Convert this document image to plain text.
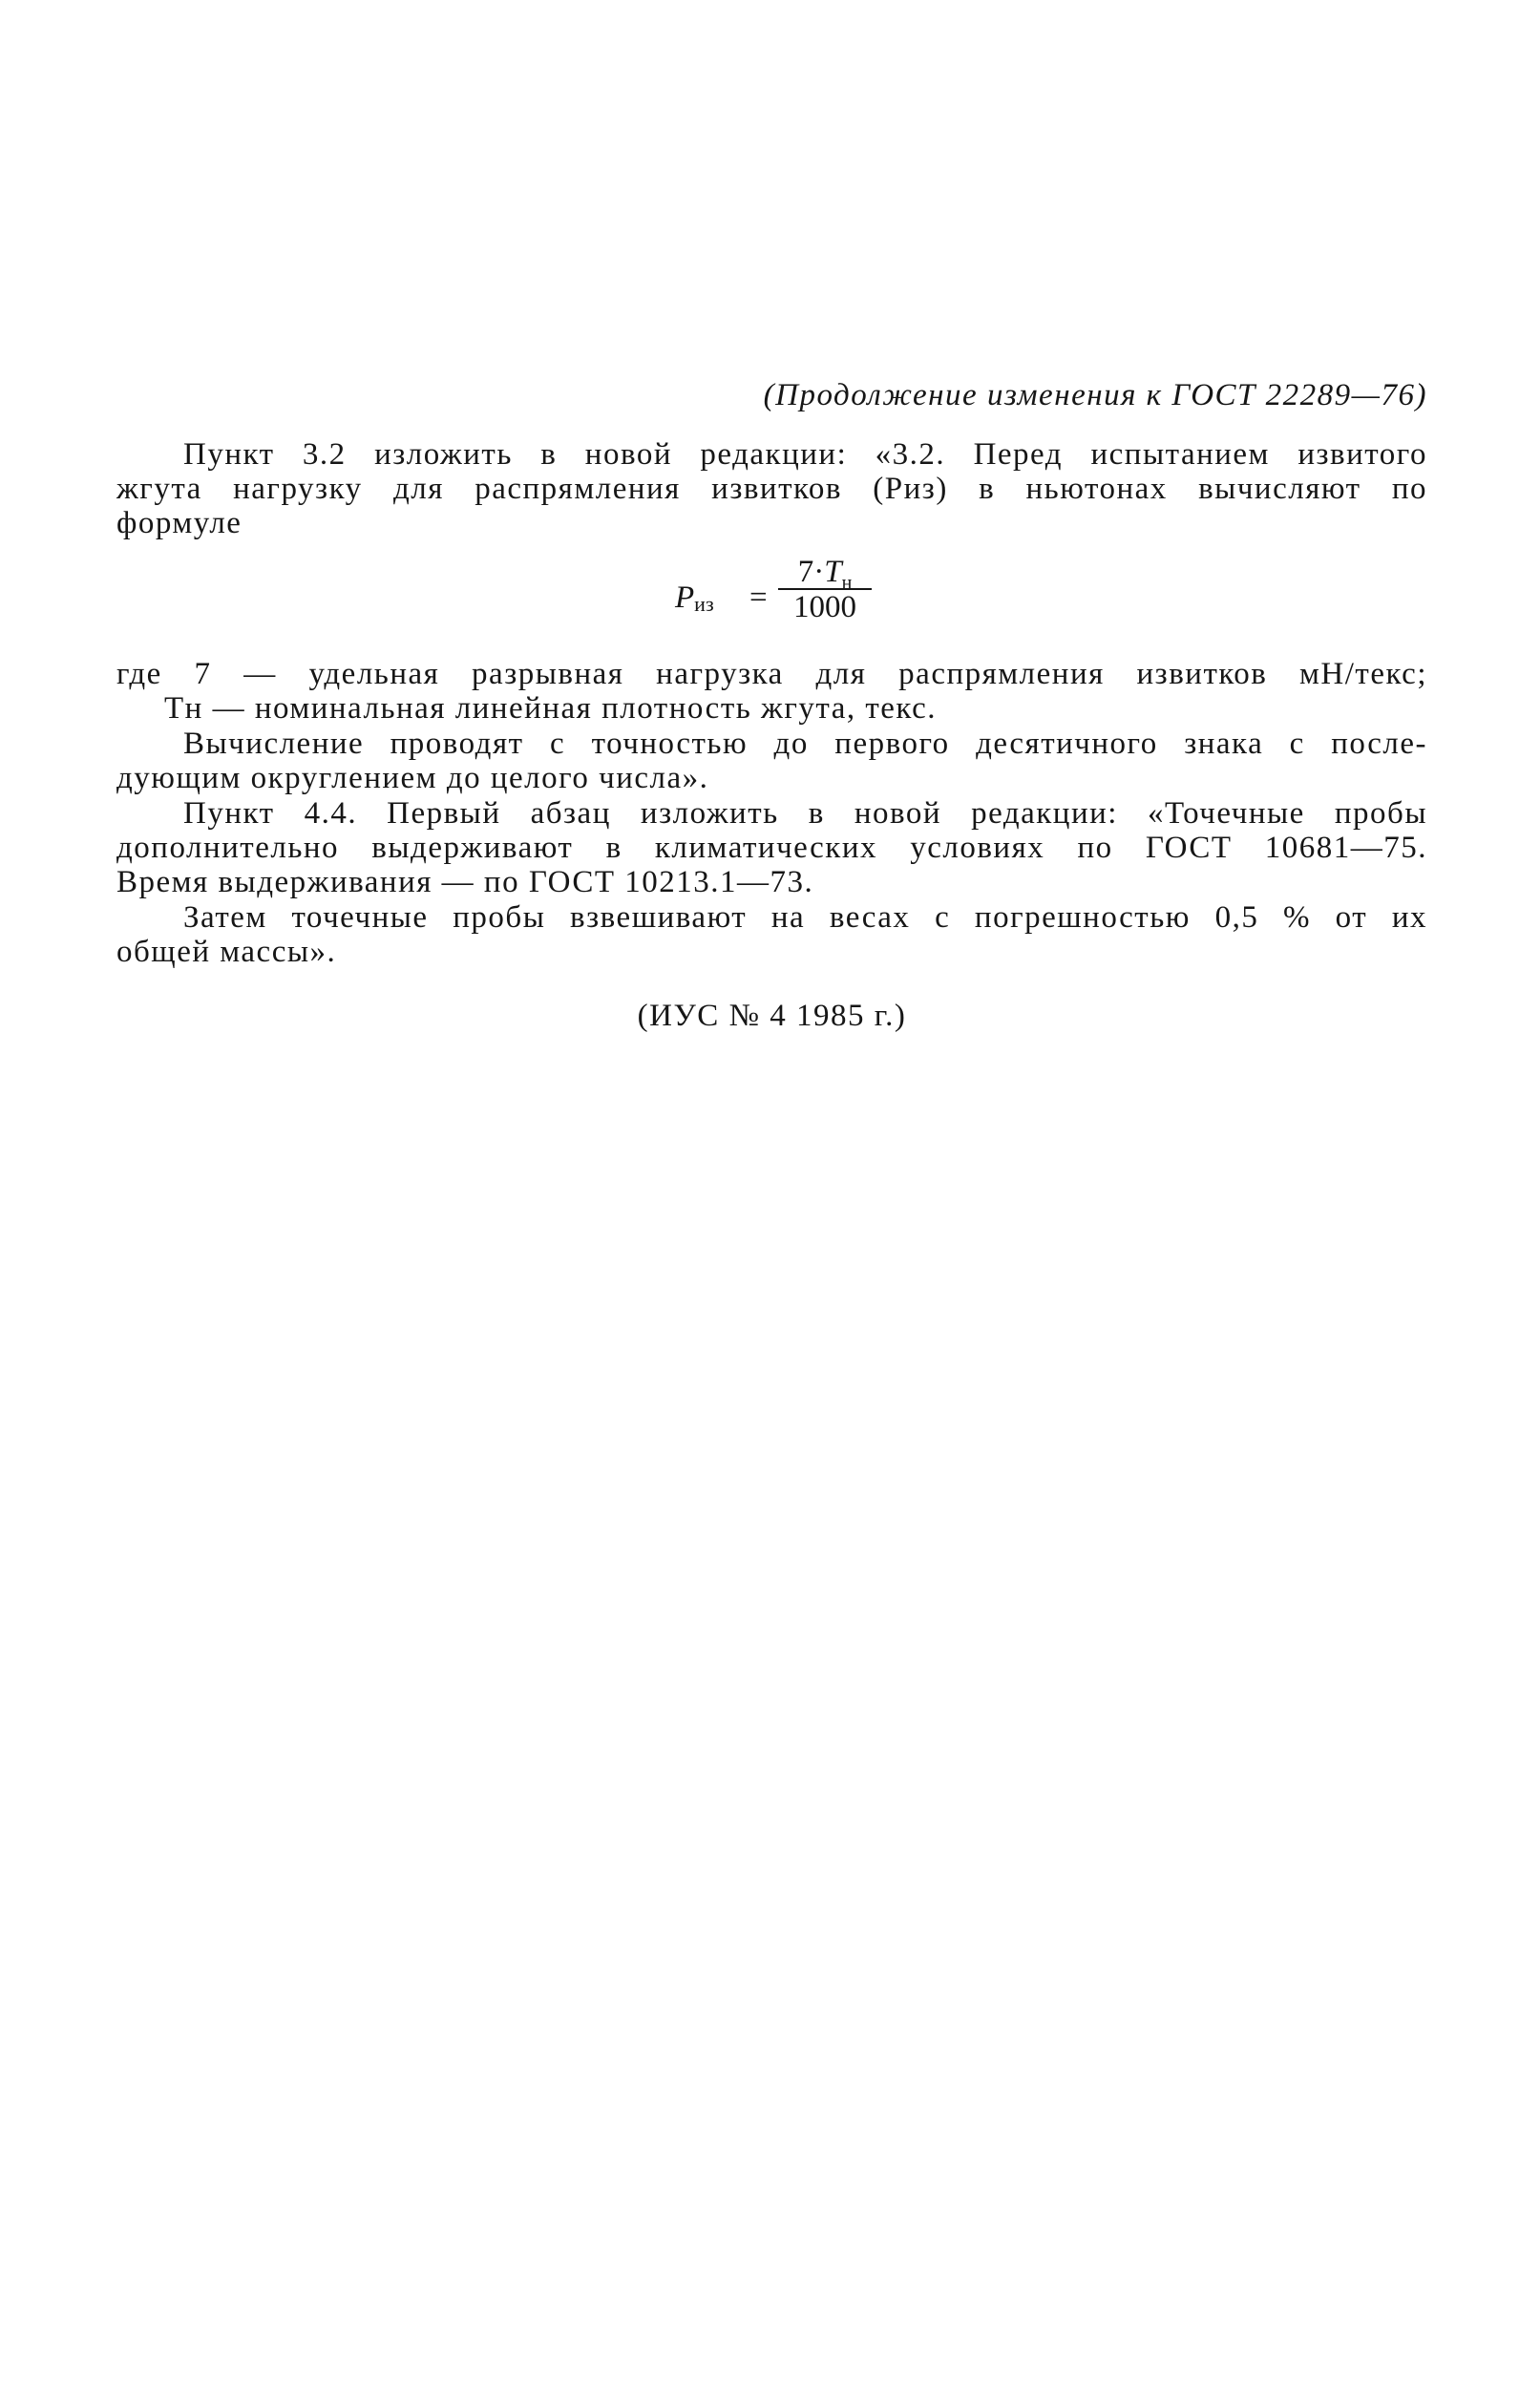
(Продолжение изменения к ГОСТ 22289—76)
Пункт 3.2 изложить в новой редакции: «3.2. Перед испытанием извитого
жгута нагрузку для распрямления извитков (Pиз) в ньютонах вычисляют по
формуле
$P_{из}$ =
$7\cdot T_н$
1000
где 7 — удельная разрывная нагрузка для распрямления извитков мН/текс;
Tн — номинальная линейная плотность жгута, текс.
Вычисление проводят с точностью до первого десятичного знака с после-
дующим округлением до целого числа».
Пункт 4.4. Первый абзац изложить в новой редакции: «Точечные пробы
дополнительно выдерживают в климатических условиях по ГОСТ 10681—75.
Время выдерживания — по ГОСТ 10213.1—73.
Затем точечные пробы взвешивают на весах с погрешностью 0,5 % от их
общей массы».
(ИУС № 4 1985 г.)
